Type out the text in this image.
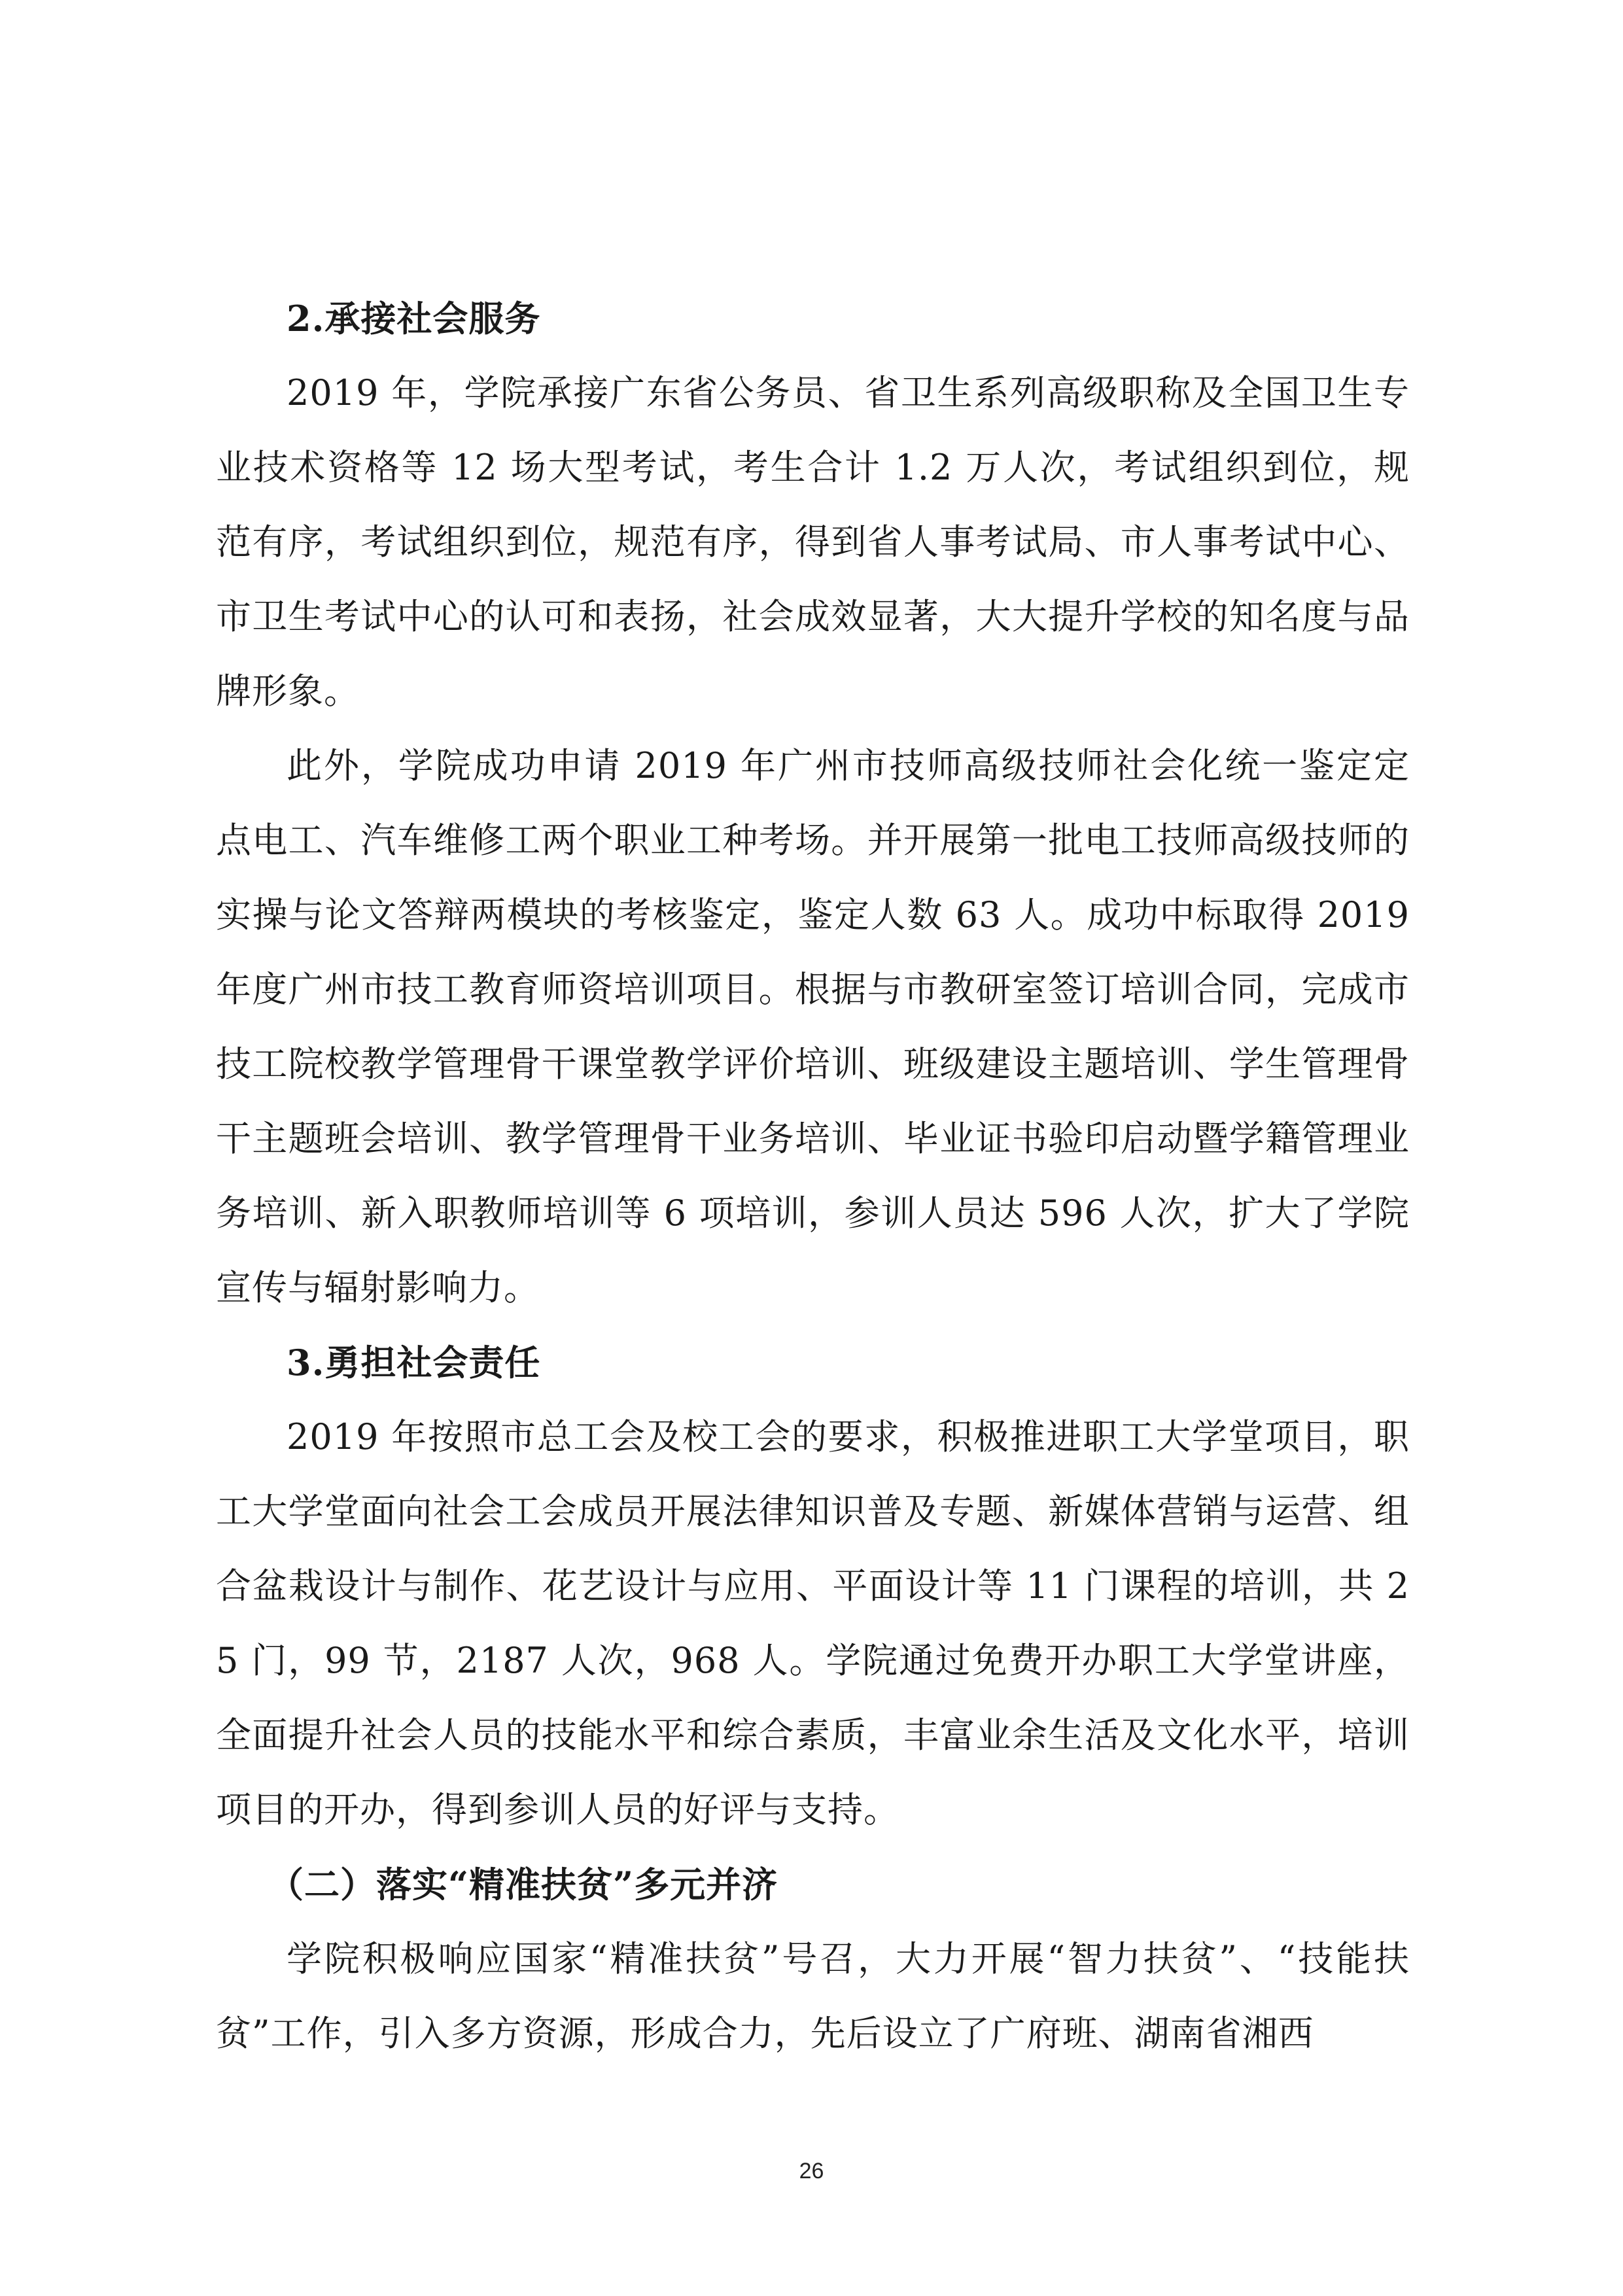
2.承接社会服务

2019 年，学院承接广东省公务员、省卫生系列高级职称及全国卫生专业技术资格等 12 场大型考试，考生合计 1.2 万人次，考试组织到位，规范有序，考试组织到位，规范有序，得到省人事考试局、市人事考试中心、市卫生考试中心的认可和表扬，社会成效显著，大大提升学校的知名度与品牌形象。

此外，学院成功申请 2019 年广州市技师高级技师社会化统一鉴定定点电工、汽车维修工两个职业工种考场。并开展第一批电工技师高级技师的实操与论文答辩两模块的考核鉴定，鉴定人数 63 人。成功中标取得 2019 年度广州市技工教育师资培训项目。根据与市教研室签订培训合同，完成市技工院校教学管理骨干课堂教学评价培训、班级建设主题培训、学生管理骨干主题班会培训、教学管理骨干业务培训、毕业证书验印启动暨学籍管理业务培训、新入职教师培训等 6 项培训，参训人员达 596 人次，扩大了学院宣传与辐射影响力。

3.勇担社会责任

2019 年按照市总工会及校工会的要求，积极推进职工大学堂项目，职工大学堂面向社会工会成员开展法律知识普及专题、新媒体营销与运营、组合盆栽设计与制作、花艺设计与应用、平面设计等 11 门课程的培训，共 25 门，99 节，2187 人次，968 人。学院通过免费开办职工大学堂讲座，全面提升社会人员的技能水平和综合素质，丰富业余生活及文化水平，培训项目的开办，得到参训人员的好评与支持。

（二）落实“精准扶贫”多元并济

学院积极响应国家“精准扶贫”号召，大力开展“智力扶贫”、“技能扶贫”工作，引入多方资源，形成合力，先后设立了广府班、湖南省湘西

26
